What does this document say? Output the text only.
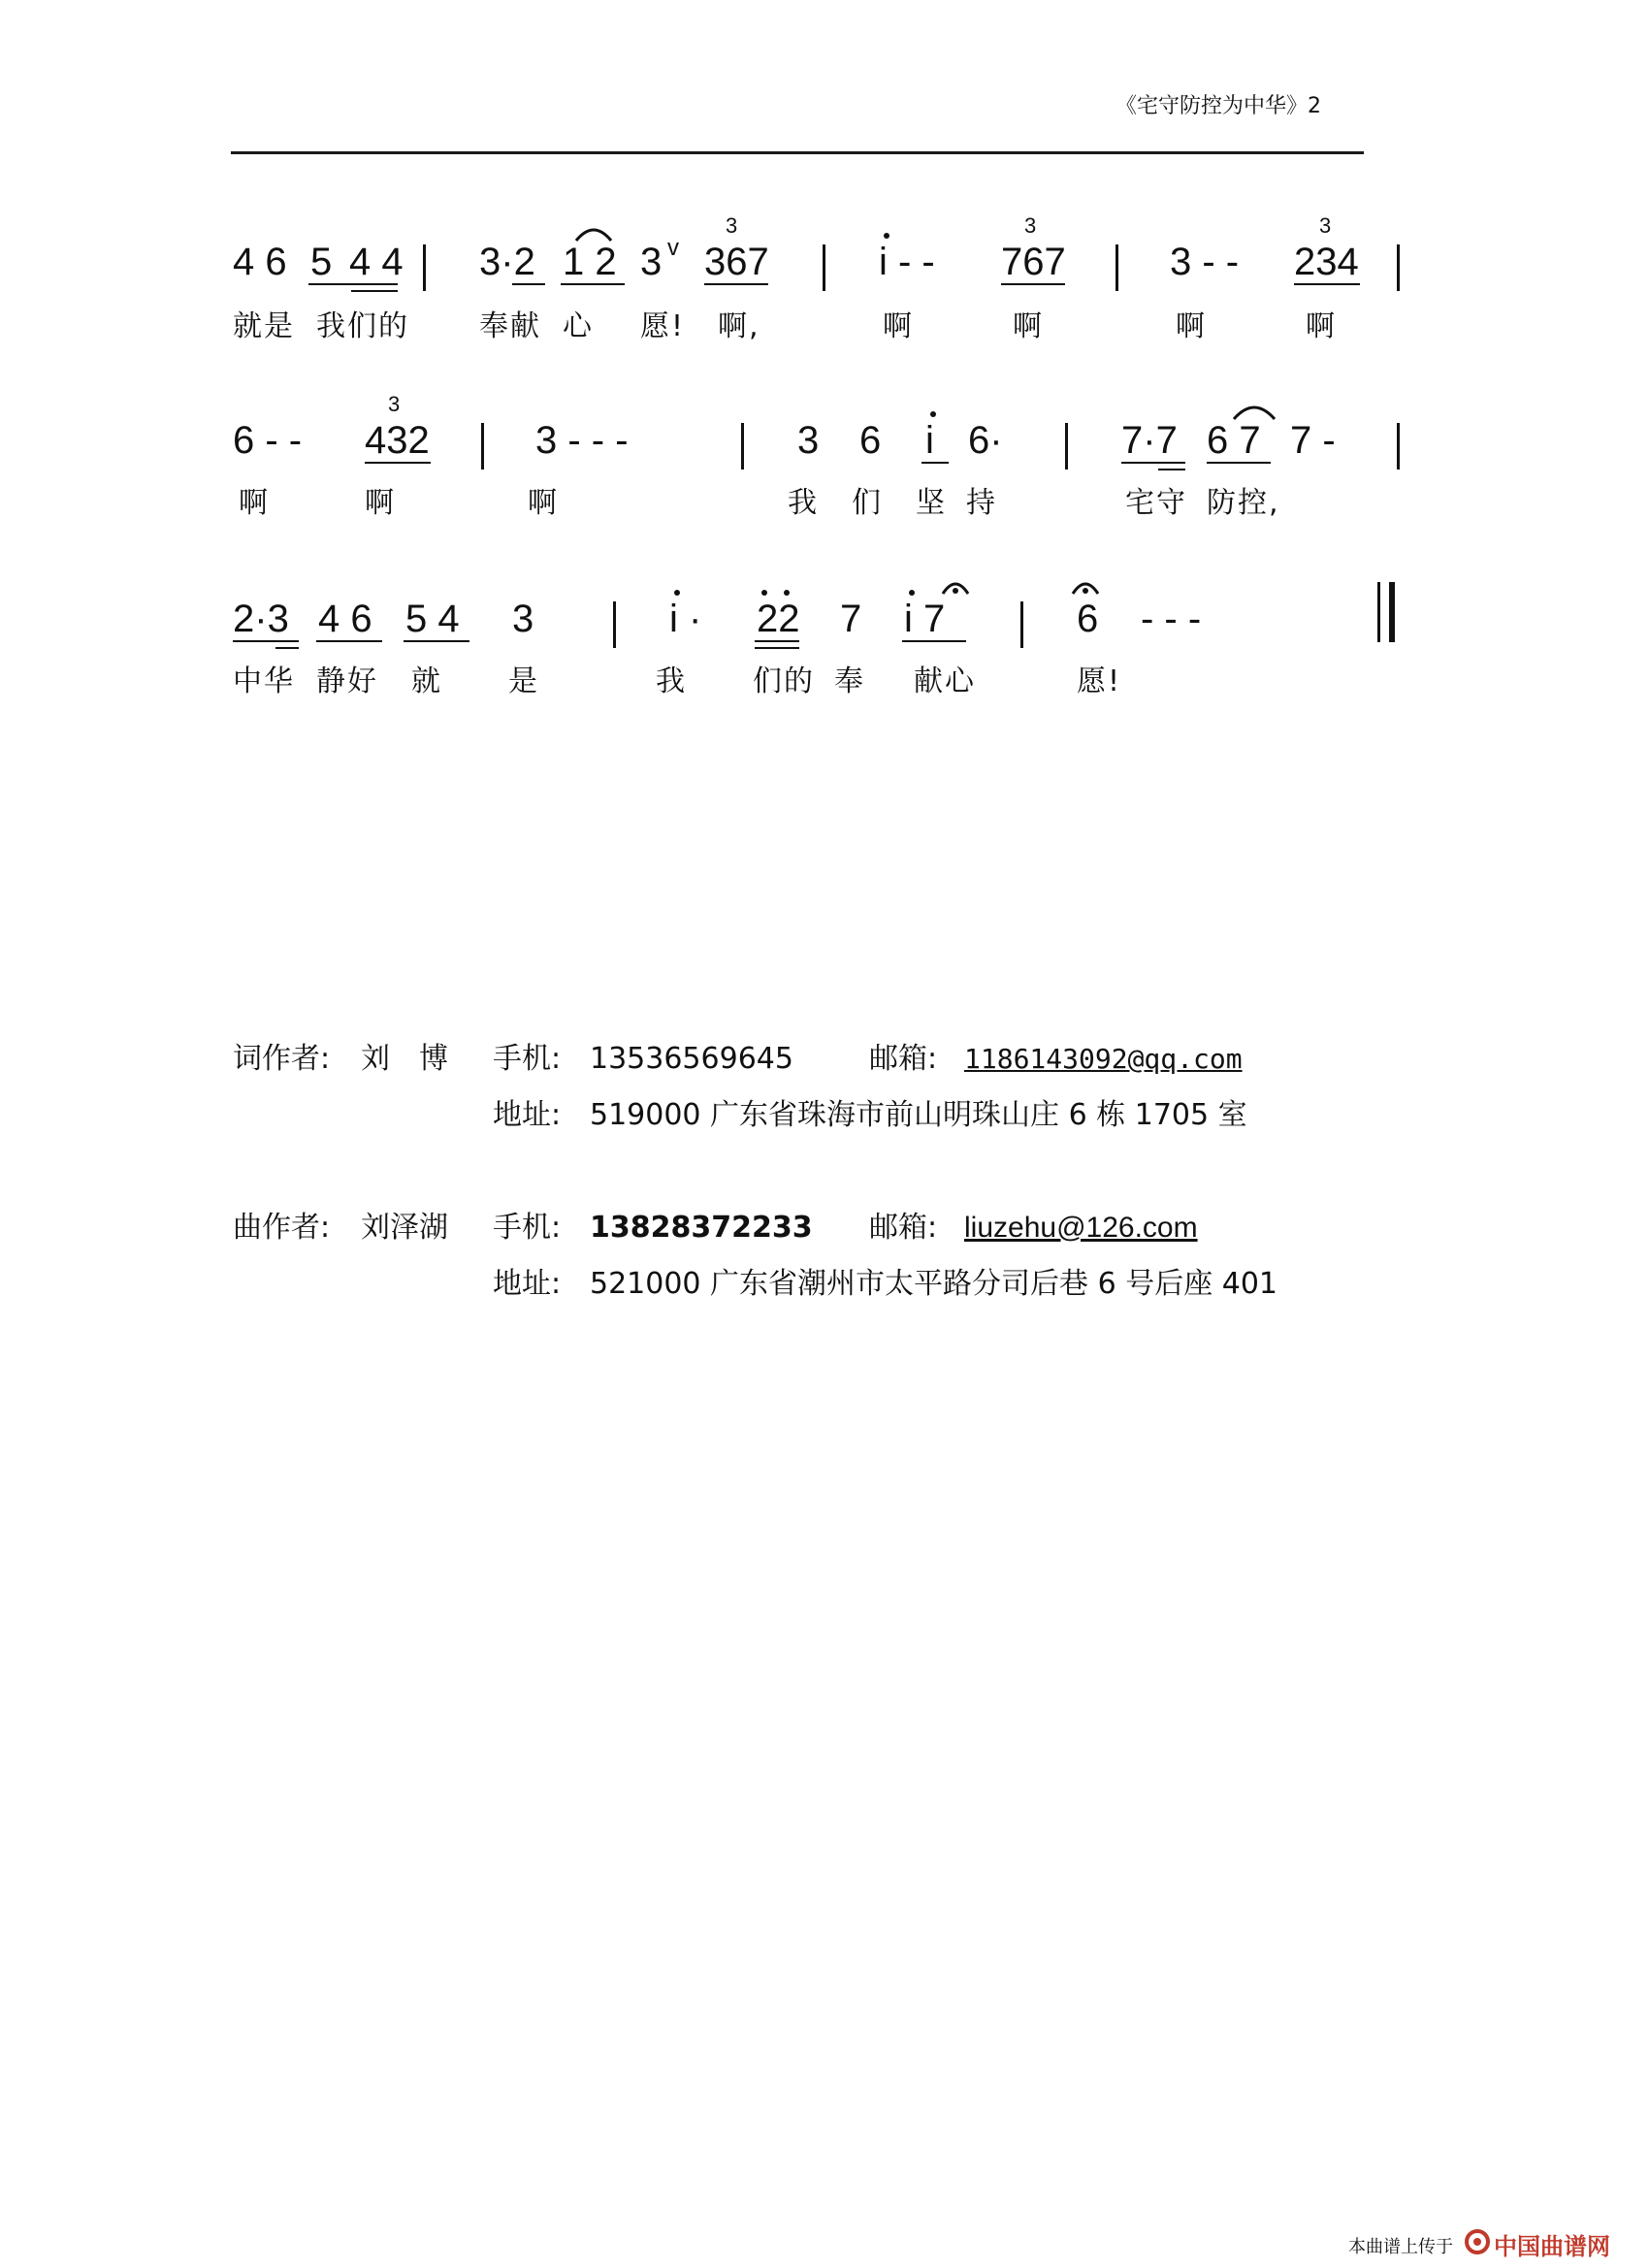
《宅守防控为中华》2
4 6 5 4 4 3·2 1 2 3 v 367
3
i - - 767
3
3 - - 234
3
就是 我们的 奉献 心 愿! 啊,	啊	啊	啊	啊
6 - - 432
3
3 - - -	3 6 i 6·	7·7 6 7 7 -
啊	啊	啊	我 们 坚 持	宅守 防控,
2·3 4 6 5 4 3	i · 22 7 i 7	6 - - -
中华 静好 就 是	我 们的 奉 献心	愿!
词作者: 刘　博 手机: 13536569645	邮箱: 1186143092@qq.com
地址: 519000 广东省珠海市前山明珠山庄 6 栋 1705 室
曲作者: 刘泽湖 手机: 13828372233 邮箱: liuzehu@126.com
地址: 521000 广东省潮州市太平路分司后巷 6 号后座 401
本曲谱上传于 中国曲谱网
